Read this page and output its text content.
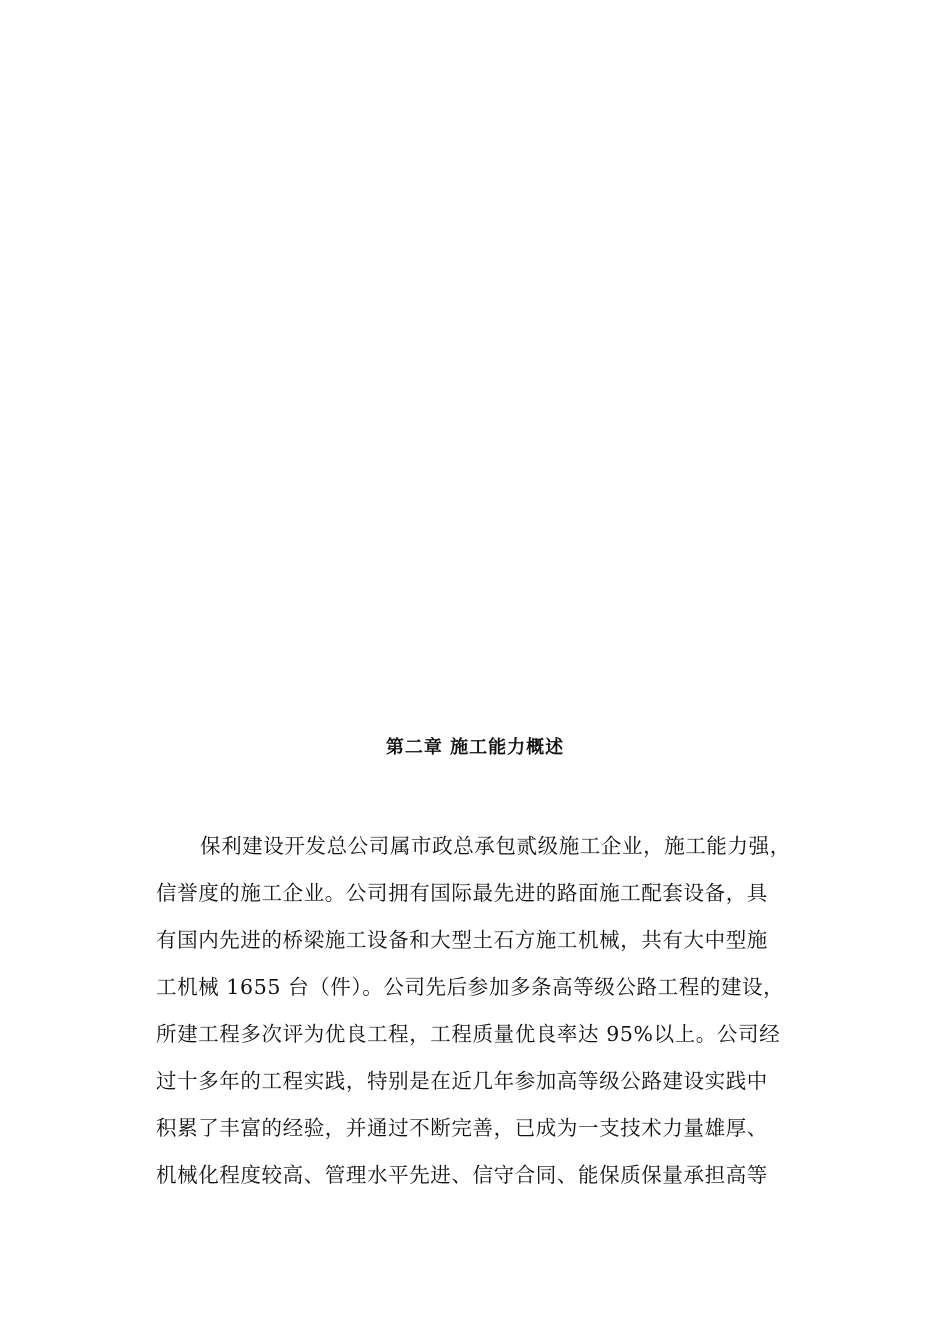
第二章 施工能力概述
保利建设开发总公司属市政总承包贰级施工企业，施工能力强，
信誉度的施工企业。公司拥有国际最先进的路面施工配套设备，具
有国内先进的桥梁施工设备和大型土石方施工机械，共有大中型施
工机械 1655 台（件）。公司先后参加多条高等级公路工程的建设，
所建工程多次评为优良工程，工程质量优良率达 95%以上。公司经
过十多年的工程实践，特别是在近几年参加高等级公路建设实践中
积累了丰富的经验，并通过不断完善，已成为一支技术力量雄厚、
机械化程度较高、管理水平先进、信守合同、能保质保量承担高等
